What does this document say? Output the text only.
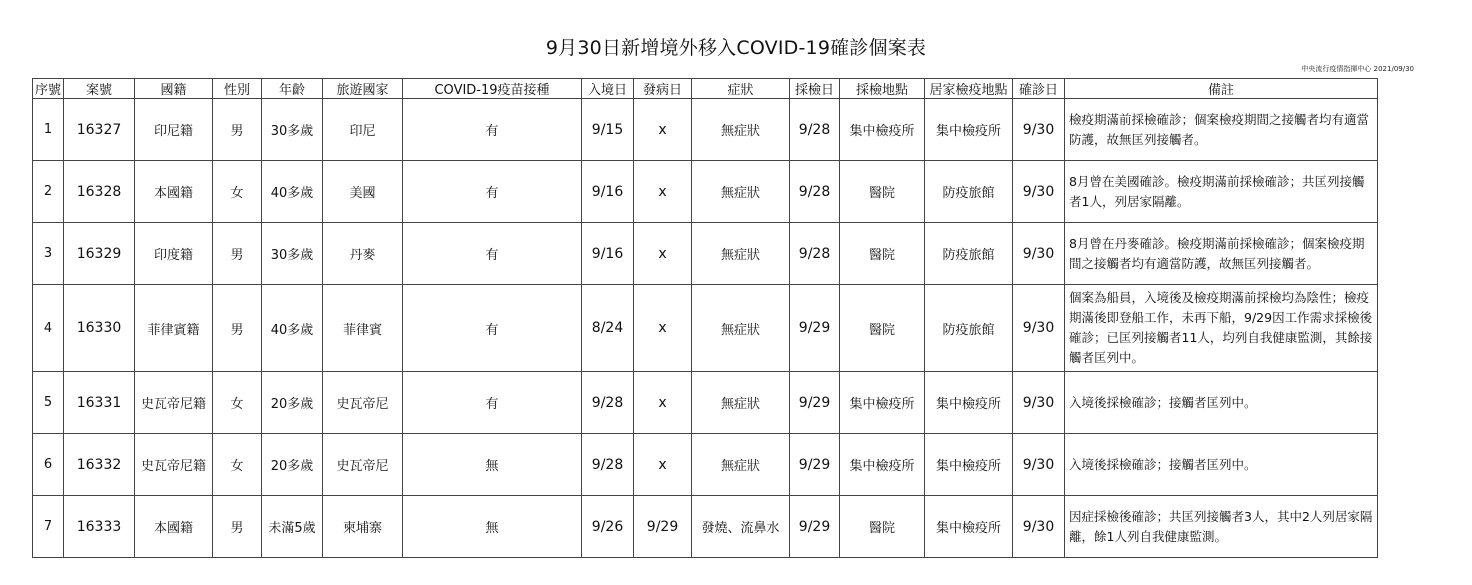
9月30日新增境外移入COVID-19確診個案表
中央流行疫情指揮中心 2021/09/30
序號	案號	國籍	性別	年齡	旅遊國家	COVID-19疫苗接種	入境日	發病日	症狀	採檢日	採檢地點	居家檢疫地點	確診日	備註
1	16327	印尼籍	男	30多歲	印尼	有	9/15	x	無症狀	9/28	集中檢疫所	集中檢疫所	9/30	檢疫期滿前採檢確診；個案檢疫期間之接觸者均有適當防護，故無匡列接觸者。
2	16328	本國籍	女	40多歲	美國	有	9/16	x	無症狀	9/28	醫院	防疫旅館	9/30	8月曾在美國確診。檢疫期滿前採檢確診；共匡列接觸者1人，列居家隔離。
3	16329	印度籍	男	30多歲	丹麥	有	9/16	x	無症狀	9/28	醫院	防疫旅館	9/30	8月曾在丹麥確診。檢疫期滿前採檢確診；個案檢疫期間之接觸者均有適當防護，故無匡列接觸者。
4	16330	菲律賓籍	男	40多歲	菲律賓	有	8/24	x	無症狀	9/29	醫院	防疫旅館	9/30	個案為船員，入境後及檢疫期滿前採檢均為陰性；檢疫期滿後即登船工作，未再下船，9/29因工作需求採檢後確診；已匡列接觸者11人，均列自我健康監測，其餘接觸者匡列中。
5	16331	史瓦帝尼籍	女	20多歲	史瓦帝尼	有	9/28	x	無症狀	9/29	集中檢疫所	集中檢疫所	9/30	入境後採檢確診；接觸者匡列中。
6	16332	史瓦帝尼籍	女	20多歲	史瓦帝尼	無	9/28	x	無症狀	9/29	集中檢疫所	集中檢疫所	9/30	入境後採檢確診；接觸者匡列中。
7	16333	本國籍	男	未滿5歲	柬埔寨	無	9/26	9/29	發燒、流鼻水	9/29	醫院	集中檢疫所	9/30	因症採檢後確診；共匡列接觸者3人，其中2人列居家隔離，餘1人列自我健康監測。
